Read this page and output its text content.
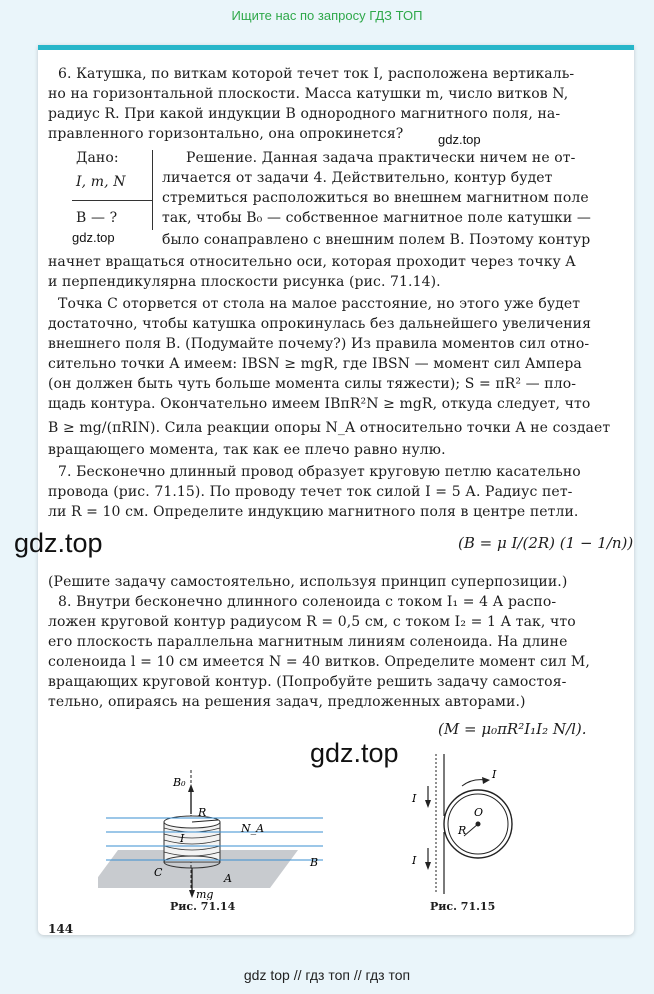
Ищите нас по запросу ГДЗ ТОП
6. Катушка, по виткам которой течет ток I, расположена вертикаль-
но на горизонтальной плоскости. Масса катушки m, число витков N,
радиус R. При какой индукции B однородного магнитного поля, на-
правленного горизонтально, она опрокинется?	gdz.top
Дано:
I, m, N
B — ?
gdz.top
Решение. Данная задача практически ничем не от-
личается от задачи 4. Действительно, контур будет
стремиться расположиться во внешнем магнитном поле
так, чтобы B₀ — собственное магнитное поле катушки —
было сонаправлено с внешним полем B. Поэтому контур
начнет вращаться относительно оси, которая проходит через точку A
и перпендикулярна плоскости рисунка (рис. 71.14).
Точка C оторвется от стола на малое расстояние, но этого уже будет
достаточно, чтобы катушка опрокинулась без дальнейшего увеличения
внешнего поля B. (Подумайте почему?) Из правила моментов сил отно-
сительно точки A имеем: IBSN ≥ mgR, где IBSN — момент сил Ампера
(он должен быть чуть больше момента силы тяжести); S = πR² — пло-
щадь контура. Окончательно имеем IBπR²N ≥ mgR, откуда следует, что
B ≥ mg/(πRIN). Сила реакции опоры N_A относительно точки A не создает
вращающего момента, так как ее плечо равно нулю.
7. Бесконечно длинный провод образует круговую петлю касательно
провода (рис. 71.15). По проводу течет ток силой I = 5 А. Радиус пет-
ли R = 10 см. Определите индукцию магнитного поля в центре петли.
(B = μ I/(2R) (1 − 1/n))
(Решите задачу самостоятельно, используя принцип суперпозиции.)
gdz.top
8. Внутри бесконечно длинного соленоида с током I₁ = 4 А распо-
ложен круговой контур радиусом R = 0,5 см, с током I₂ = 1 А так, что
его плоскость параллельна магнитным линиям соленоида. На длине
соленоида l = 10 см имеется N = 40 витков. Определите момент сил M,
вращающих круговой контур. (Попробуйте решить задачу самостоя-
тельно, опираясь на решения задач, предложенных авторами.)
(M = μ₀πR²I₁I₂ N/l).
gdz.top
B₀
R
N_A
B
I
C	A
mg
Рис. 71.14
I
I
I
O
R
Рис. 71.15
144
gdz top // гдз топ // гдз топ
